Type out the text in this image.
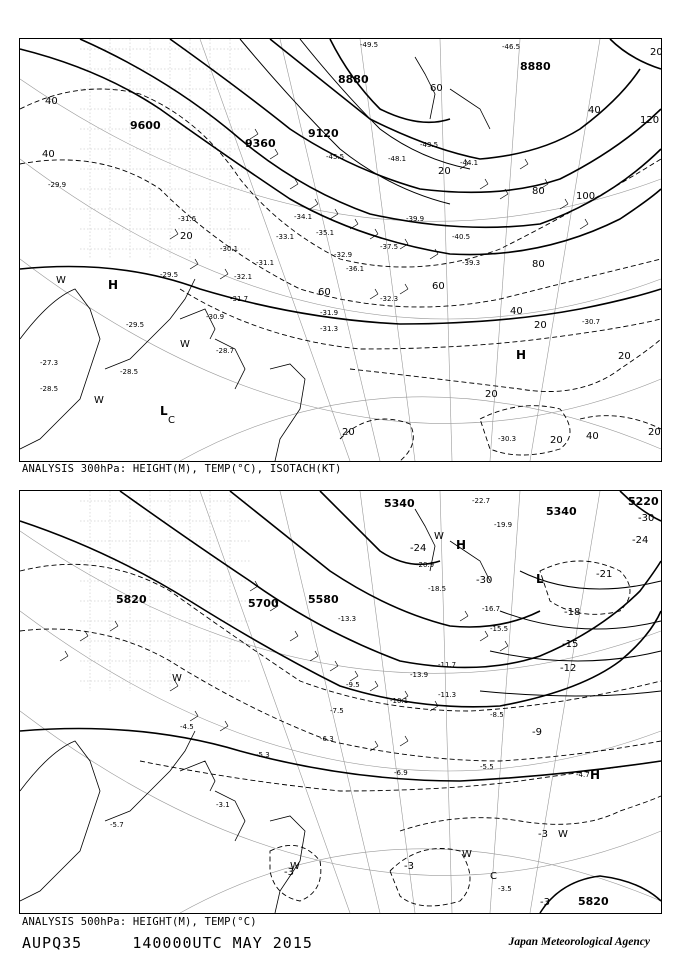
9600
9360
9120
8880
8880
40
40
60
60
80
80	100
120
40
40
20
20
20
20
20
20
40
20
60
20
20
-29.9
-28.5
-29.5
-31.6
-30.1
-32.1
-31.1
-33.1
-34.1
-35.1
-36.1
-37.5
-39.9
-39.3
-40.5
-43.5
-45.5
-44.1
-46.5
-48.1
-49.5
-31.3
-32.3
-32.9
-31.9
-30.9
-28.7
-29.5	-30.7
-30.3
-27.3
-28.5
-31.7
H
H
L
C
W
W
W
ANALYSIS 300hPa: HEIGHT(M), TEMP(°C), ISOTACH(KT)
5820	5700	5580
5340
5340
5220
5820
-30
-24
-21
-18
-15
-12
-9
-3
-3
-3
-24
-30
-3
-22.7
-19.9
-20.9
-18.5
-16.7
-15.5
-13.9
-11.3
-10.1
-8.5
-6.9
-5.5
-5.3
-4.5
-3.1
-3.5
-4.7
-5.7
-6.3
-7.5
-9.5
-11.7
-13.3
H
H
L
C
W
W
W
W
W
ANALYSIS 500hPa: HEIGHT(M), TEMP(°C)
AUPQ35	140000UTC MAY 2015	Japan Meteorological Agency
